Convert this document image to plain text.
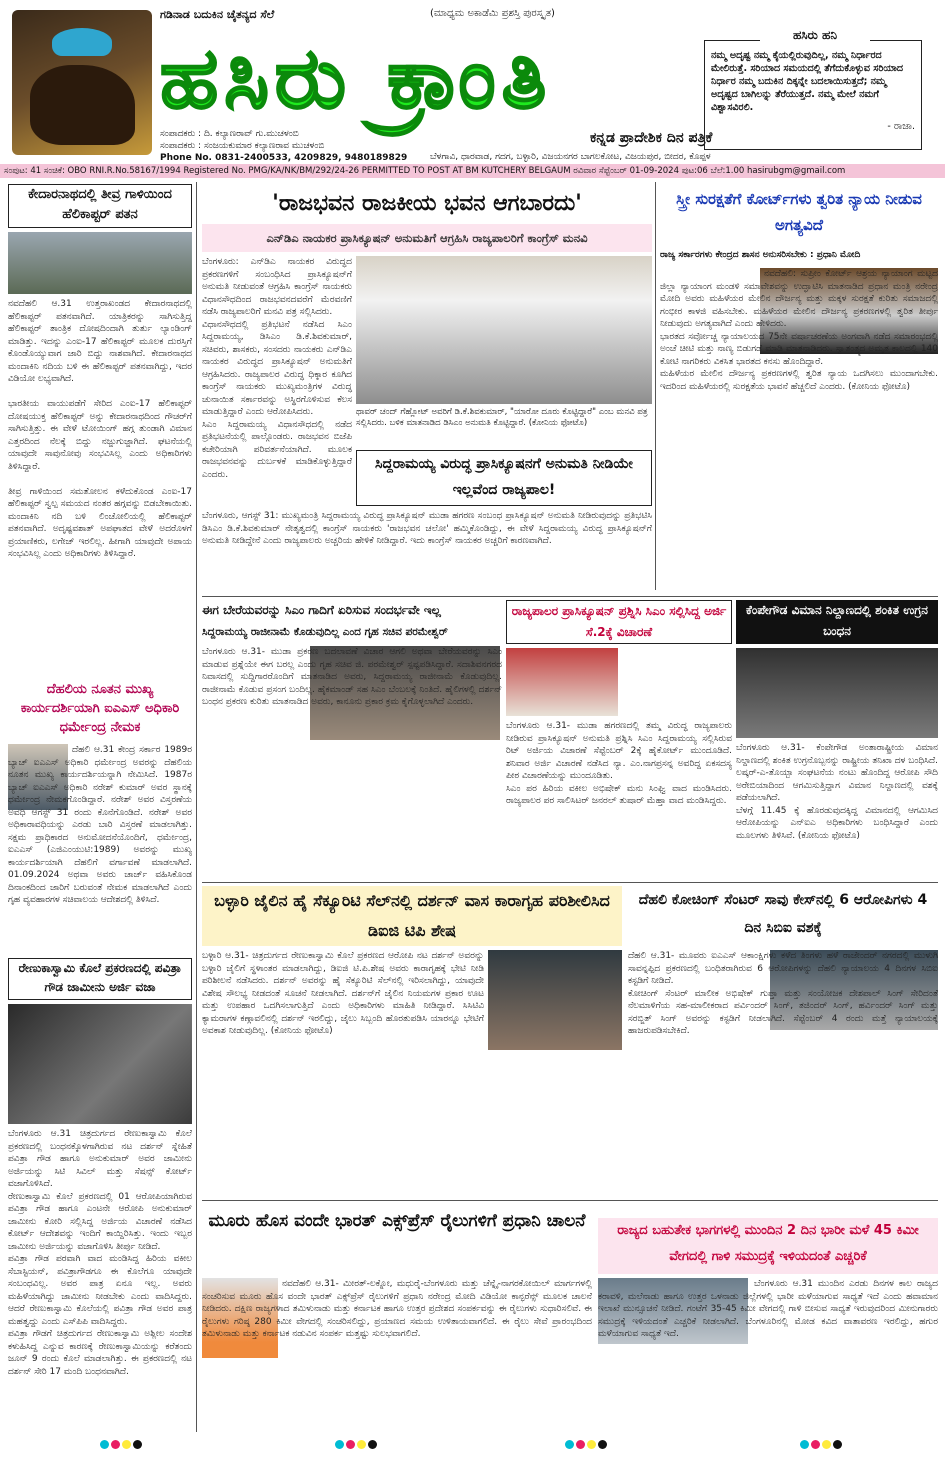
ಗಡಿನಾಡ ಬದುಕಿನ ಚೈತನ್ಯದ ಸೆಲೆ	(ಮಾಧ್ಯಮ ಅಕಾಡೆಮಿ ಪ್ರಶಸ್ತಿ ಪುರಸ್ಕೃತ)
ಹಸಿರು ಕ್ರಾಂತಿ
ಸಂಪಾದಕರು : ದಿ. ಕಲ್ಯಾಣರಾವ್ ಗು.ಮುಚಳಂಬಿ
ಸಂಪಾದಕರು : ಸಂಜಯಕುಮಾರ ಕಲ್ಯಾಣರಾವ ಮುಚಳಂಬಿ
Phone No. 0831-2400533, 4209829, 9480189829
ಕನ್ನಡ ಪ್ರಾದೇಶಿಕ ದಿನ ಪತ್ರಿಕೆ
ಬೆಳಗಾವಿ, ಧಾರವಾಡ, ಗದಗ, ಬಳ್ಳಾರಿ, ವಿಜಯನಗರ ಬಾಗಲಕೋಟ, ವಿಜಯಪುರ, ಬೀದರ, ಕೊಪ್ಪಳ
ನಮ್ಮ ಅದೃಷ್ಟ ನಮ್ಮ ಕೈಯಲ್ಲಿರುವುದಿಲ್ಲ, ನಮ್ಮ ನಿರ್ಧಾರದ ಮೇಲಿರುತ್ತೆ. ಸರಿಯಾದ ಸಮಯದಲ್ಲಿ ತೆಗೆದುಕೊಳ್ಳುವ ಸರಿಯಾದ ನಿರ್ಧಾರ ನಮ್ಮ ಬದುಕಿನ ದಿಕ್ಕನ್ನೇ ಬದಲಾಯಿಸುತ್ತದೆ; ನಮ್ಮ ಅದೃಷ್ಟದ ಬಾಗಿಲನ್ನು ತೆರೆಯುತ್ತದೆ. ನಮ್ಮ ಮೇಲೆ ನಮಗೆ ವಿಶ್ವಾಸವಿರಲಿ.
- ರಾಜಾ.
ಹಸಿರು ಹನಿ
ಸಂಪುಟ: 41 ಸಂಚಿಕೆ: OBO RNI.R.No.58167/1994 Registered No. PMG/KA/NK/BM/292/24-26 PERMITTED TO POST AT BM KUTCHERY BELGAUM ರವಿವಾರ ಸೆಪ್ಟೆಂಬರ್ 01-09-2024 ಪುಟ:06 ಬೆಲೆ:1.00 hasirubgm@gmail.com
ಕೇದಾರನಾಥದಲ್ಲಿ ತೀವ್ರ ಗಾಳಿಯಿಂದ ಹೆಲಿಕಾಪ್ಟರ್ ಪತನ
ನವದೆಹಲಿ ಆ.31 ಉತ್ತರಾಖಂಡದ ಕೇದಾರನಾಥದಲ್ಲಿ ಹೆಲಿಕಾಪ್ಟರ್ ಪತನವಾಗಿದೆ. ಯಾತ್ರಿಕರನ್ನು ಸಾಗಿಸುತ್ತಿದ್ದ ಹೆಲಿಕಾಪ್ಟರ್ ತಾಂತ್ರಿಕ ದೋಷದಿಂದಾಗಿ ತುರ್ತು ಲ್ಯಾಂಡಿಂಗ್ ಮಾಡಿತ್ತು. ಇದನ್ನು ಎಂಐ-17 ಹೆಲಿಕಾಪ್ಟರ್ ಮೂಲಕ ದುರಸ್ತಿಗೆ ಕೊಂಡೊಯ್ಯುವಾಗ ಜಾರಿ ಬಿದ್ದು ನಾಶವಾಗಿದೆ. ಕೇದಾರನಾಥದ ಮಂದಾಕಿನಿ ನದಿಯ ಬಳಿ ಈ ಹೆಲಿಕಾಪ್ಟರ್ ಪತನವಾಗಿದ್ದು, ಇದರ ವಿಡಿಯೋ ಲಭ್ಯವಾಗಿದೆ.

ಭಾರತೀಯ ವಾಯುಪಡೆಗೆ ಸೇರಿದ ಎಂಐ-17 ಹೆಲಿಕಾಪ್ಟರ್ ದೋಷಯುಕ್ತ ಹೆಲಿಕಾಪ್ಟರ್ ಅನ್ನು ಕೇದಾರನಾಥದಿಂದ ಗೌಚರ್‌ಗೆ ಸಾಗಿಸುತ್ತಿತ್ತು. ಈ ವೇಳೆ ಟೋಯಿಂಗ್ ಹಗ್ಗ ತುಂಡಾಗಿ ವಿಮಾನ ಎತ್ತರದಿಂದ ನೆಲಕ್ಕೆ ಬಿದ್ದು ನಜ್ಜುಗುಜ್ಜಾಗಿದೆ. ಘಟನೆಯಲ್ಲಿ ಯಾವುದೇ ಸಾವುನೋವು ಸಂಭವಿಸಿಲ್ಲ ಎಂದು ಅಧಿಕಾರಿಗಳು ತಿಳಿಸಿದ್ದಾರೆ.

ತೀವ್ರ ಗಾಳಿಯಿಂದ ಸಮತೋಲನ ಕಳೆದುಕೊಂಡ ಎಂಐ-17 ಹೆಲಿಕಾಪ್ಟರ್ ಸ್ವಲ್ಪ ಸಮಯದ ನಂತರ ಹಗ್ಗವನ್ನು ಬಿಡಬೇಕಾಯಿತು. ಮಂದಾಕಿನಿ ನದಿ ಬಳಿ ಲಿಂಚೋಲಿಯಲ್ಲಿ ಹೆಲಿಕಾಪ್ಟರ್ ಪತನವಾಗಿದೆ. ಅದೃಷ್ಟವಶಾತ್ ಅಪಘಾತದ ವೇಳೆ ಅದರೊಳಗೆ ಪ್ರಯಾಣಿಕರು, ಲಗೇಜ್ ಇರಲಿಲ್ಲ. ಹೀಗಾಗಿ ಯಾವುದೇ ಅಪಾಯ ಸಂಭವಿಸಿಲ್ಲ ಎಂದು ಅಧಿಕಾರಿಗಳು ತಿಳಿಸಿದ್ದಾರೆ.
ದೆಹಲಿಯ ನೂತನ ಮುಖ್ಯ ಕಾರ್ಯದರ್ಶಿಯಾಗಿ ಐಎಎಸ್ ಅಧಿಕಾರಿ ಧರ್ಮೇಂದ್ರ ನೇಮಕ
ದೆಹಲಿ ಆ.31 ಕೇಂದ್ರ ಸರ್ಕಾರ 1989ರ ಬ್ಯಾಚ್ ಐಎಎಸ್ ಅಧಿಕಾರಿ ಧರ್ಮೇಂದ್ರ ಅವರನ್ನು ದೆಹಲಿಯ ನೂತನ ಮುಖ್ಯ ಕಾರ್ಯದರ್ಶಿಯನ್ನಾಗಿ ನೇಮಿಸಿದೆ. 1987ರ ಬ್ಯಾಚ್ ಐಎಎಸ್ ಅಧಿಕಾರಿ ನರೇಶ್ ಕುಮಾರ್ ಅವರ ಸ್ಥಾನಕ್ಕೆ ಧರ್ಮೇಂದ್ರ ನೇಮಕಗೊಂಡಿದ್ದಾರೆ. ನರೇಶ್ ಅವರ ವಿಸ್ತರಣೆಯ ಅವಧಿ ಆಗಸ್ಟ್ 31 ರಂದು ಕೊನೆಗೊಂಡಿದೆ. ನರೇಶ್ ಅವರ ಅಧಿಕಾರಾವಧಿಯನ್ನು ಎರಡು ಬಾರಿ ವಿಸ್ತರಣೆ ಮಾಡಲಾಗಿತ್ತು. ಸಕ್ಷಮ ಪ್ರಾಧಿಕಾರದ ಅನುಮೋದನೆಯೊಂದಿಗೆ, ಧರ್ಮೇಂದ್ರ, ಐಎಎಸ್ (ಎಜಿಎಂಯುಟಿ:1989) ಅವರನ್ನು ಮುಖ್ಯ ಕಾರ್ಯದರ್ಶಿಯಾಗಿ ದೆಹಲಿಗೆ ವರ್ಗಾವಣೆ ಮಾಡಲಾಗಿದೆ. 01.09.2024 ಅಥವಾ ಅವರು ಚಾರ್ಜ್ ವಹಿಸಿಕೊಂಡ ದಿನಾಂಕದಿಂದ ಜಾರಿಗೆ ಬರುವಂತೆ ನೇಮಕ ಮಾಡಲಾಗಿದೆ ಎಂದು ಗೃಹ ವ್ಯವಹಾರಗಳ ಸಚಿವಾಲಯ ಆದೇಶದಲ್ಲಿ ತಿಳಿಸಿದೆ.
ರೇಣುಕಾಸ್ವಾಮಿ ಕೊಲೆ ಪ್ರಕರಣದಲ್ಲಿ ಪವಿತ್ರಾ ಗೌಡ ಜಾಮೀನು ಅರ್ಜಿ ವಜಾ
ಬೆಂಗಳೂರು ಆ.31 ಚಿತ್ರದುರ್ಗದ ರೇಣುಕಾಸ್ವಾಮಿ ಕೊಲೆ ಪ್ರಕರಣದಲ್ಲಿ ಬಂಧನಕ್ಕೊಳಗಾಗಿರುವ ನಟ ದರ್ಶನ್ ಸ್ನೇಹಿತೆ ಪವಿತ್ರಾ ಗೌಡ ಹಾಗೂ ಅನುಕುಮಾರ್ ಅವರ ಜಾಮೀನು ಅರ್ಜಿಯನ್ನು ಸಿಟಿ ಸಿವಿಲ್ ಮತ್ತು ಸೆಷನ್ಸ್ ಕೋರ್ಟ್ ವಜಾಗೊಳಿಸಿದೆ.
ರೇಣುಕಾಸ್ವಾಮಿ ಕೊಲೆ ಪ್ರಕರಣದಲ್ಲಿ 01 ಆರೋಪಿಯಾಗಿರುವ ಪವಿತ್ರಾ ಗೌಡ ಹಾಗೂ ಎಂಟನೇ ಆರೋಪಿ ಅನುಕುಮಾರ್ ಜಾಮೀನು ಕೋರಿ ಸಲ್ಲಿಸಿದ್ದ ಅರ್ಜಿಯ ವಿಚಾರಣೆ ನಡೆಸಿದ ಕೋರ್ಟ್ ಆದೇಶವನ್ನು ಇಂದಿಗೆ ಕಾಯ್ದಿರಿಸಿತ್ತು. ಇಂದು ಇಬ್ಬರ ಜಾಮೀನು ಅರ್ಜಿಯನ್ನು ವಜಾಗೊಳಿಸಿ ತೀರ್ಪು ನೀಡಿದೆ.
ಪವಿತ್ರಾ ಗೌಡ ಪರವಾಗಿ ವಾದ ಮಂಡಿಸಿದ್ದ ಹಿರಿಯ ವಕೀಲ ಸೆಬಾಸ್ಟಿಯನ್, ಪವಿತ್ರಾಗೌಡಗೂ ಈ ಕೊಲೆಗೂ ಯಾವುದೇ ಸಂಬಂಧವಿಲ್ಲ. ಅವರ ಪಾತ್ರ ಏನೂ ಇಲ್ಲ. ಅವರು ಮಹಿಳೆಯಾಗಿದ್ದು ಜಾಮೀನು ನೀಡಬೇಕು ಎಂದು ವಾದಿಸಿದ್ದರು. ಆದರೆ ರೇಣುಕಾಸ್ವಾಮಿ ಕೊಲೆಯಲ್ಲಿ ಪವಿತ್ರಾ ಗೌಡ ಅವರ ಪಾತ್ರ ಮಹತ್ವದ್ದು ಎಂದು ಎಸ್‌ಪಿಪಿ ವಾದಿಸಿದ್ದರು.
ಪವಿತ್ರಾ ಗೌಡಗೆ ಚಿತ್ರದುರ್ಗದ ರೇಣುಕಾಸ್ವಾಮಿ ಅಶ್ಲೀಲ ಸಂದೇಶ ಕಳುಹಿಸಿದ್ದ ಎನ್ನುವ ಕಾರಣಕ್ಕೆ ರೇಣುಕಾಸ್ವಾಮಿಯನ್ನು ಕರೆತಂದು ಜೂನ್ 9 ರಂದು ಕೊಲೆ ಮಾಡಲಾಗಿತ್ತು. ಈ ಪ್ರಕರಣದಲ್ಲಿ ನಟ ದರ್ಶನ್ ಸೇರಿ 17 ಮಂದಿ ಬಂಧನವಾಗಿದೆ.
'ರಾಜಭವನ ರಾಜಕೀಯ ಭವನ ಆಗಬಾರದು'
ಎನ್‌ಡಿಎ ನಾಯಕರ ಪ್ರಾಸಿಕ್ಯೂಷನ್ ಅನುಮತಿಗೆ ಆಗ್ರಹಿಸಿ ರಾಜ್ಯಪಾಲರಿಗೆ ಕಾಂಗ್ರೆಸ್ ಮನವಿ
ಬೆಂಗಳೂರು: ಎನ್‌ಡಿಎ ನಾಯಕರ ವಿರುದ್ಧದ ಪ್ರಕರಣಗಳಿಗೆ ಸಂಬಂಧಿಸಿದ ಪ್ರಾಸಿಕ್ಯೂಷನ್‌ಗೆ ಅನುಮತಿ ನೀಡುವಂತೆ ಆಗ್ರಹಿಸಿ ಕಾಂಗ್ರೆಸ್ ನಾಯಕರು ವಿಧಾನಸೌಧದಿಂದ ರಾಜಭವನದವರೆಗೆ ಮೆರವಣಿಗೆ ನಡೆಸಿ ರಾಜ್ಯಪಾಲರಿಗೆ ಮನವಿ ಪತ್ರ ಸಲ್ಲಿಸಿದರು.
ವಿಧಾನಸೌಧದಲ್ಲಿ ಪ್ರತಿಭಟನೆ ನಡೆಸಿದ ಸಿಎಂ ಸಿದ್ದರಾಮಯ್ಯ, ಡಿಸಿಎಂ ಡಿ.ಕೆ.ಶಿವಕುಮಾರ್, ಸಚಿವರು, ಶಾಸಕರು, ಸಂಸದರು ನಾಯಕರು ಎನ್‌ಡಿಎ ನಾಯಕರ ವಿರುದ್ಧದ ಪ್ರಾಸಿಕ್ಯೂಷನ್ ಅನುಮತಿಗೆ ಆಗ್ರಹಿಸಿದರು. ರಾಜ್ಯಪಾಲರ ವಿರುದ್ಧ ಧಿಕ್ಕಾರ ಕೂಗಿದ ಕಾಂಗ್ರೆಸ್ ನಾಯಕರು ಮುಖ್ಯಮಂತ್ರಿಗಳ ವಿರುದ್ಧ ಚುನಾಯಿತ ಸರ್ಕಾರವನ್ನು ಅಸ್ಥಿರಗೊಳಿಸುವ ಕೆಲಸ ಮಾಡುತ್ತಿದ್ದಾರೆ ಎಂದು ಆರೋಪಿಸಿದರು.
ಸಿಎಂ ಸಿದ್ದರಾಮಯ್ಯ ವಿಧಾನಸೌಧದಲ್ಲಿ ನಡೆದ ಪ್ರತಿಭಟನೆಯಲ್ಲಿ ಪಾಲ್ಗೊಂಡರು. ರಾಜಭವನ ಬಿಜೆಪಿ ಕಚೇರಿಯಾಗಿ ಪರಿವರ್ತನೆಯಾಗಿದೆ. ಮೂಲಕ ರಾಜಭವನವನ್ನು ದುರ್ಬಳಕೆ ಮಾಡಿಕೊಳ್ಳುತ್ತಿದ್ದಾರೆ ಎಂದರು.
ಥಾವರ್ ಚಂದ್ ಗೆಹ್ಲೋಟ್ ಅವರಿಗೆ ಡಿ.ಕೆ.ಶಿವಕುಮಾರ್, "ಯಾರೋ ದೂರು ಕೊಟ್ಟಿದ್ದಾರೆ" ಎಂಬ ಮನವಿ ಪತ್ರ ಸಲ್ಲಿಸಿದರು. ಬಳಿಕ ಮಾತನಾಡಿದ ಡಿಸಿಎಂ ಅನುಮತಿ ಕೊಟ್ಟಿದ್ದಾರೆ. (ಕೋನಿಯ ಫೋಟೊ)
ಸಿದ್ದರಾಮಯ್ಯ ವಿರುದ್ಧ ಪ್ರಾಸಿಕ್ಯೂಷನ‌ಗೆ ಅನುಮತಿ ನೀಡಿಯೇ ಇಲ್ಲವೆಂದ ರಾಜ್ಯಪಾಲ!
ಬೆಂಗಳೂರು, ಆಗಸ್ಟ್ 31: ಮುಖ್ಯಮಂತ್ರಿ ಸಿದ್ದರಾಮಯ್ಯ ವಿರುದ್ಧ ಪ್ರಾಸಿಕ್ಯೂಷನ್ ಮುಡಾ ಹಗರಣ ಸಂಬಂಧ ಪ್ರಾಸಿಕ್ಯೂಷನ್ ಅನುಮತಿ ನೀಡಿರುವುದನ್ನು ಪ್ರತಿಭಟಿಸಿ ಡಿಸಿಎಂ ಡಿ.ಕೆ.ಶಿವಕುಮಾರ್ ನೇತೃತ್ವದಲ್ಲಿ ಕಾಂಗ್ರೆಸ್ ನಾಯಕರು 'ರಾಜಭವನ ಚಲೋ' ಹಮ್ಮಿಕೊಂಡಿದ್ದು, ಈ ವೇಳೆ ಸಿದ್ದರಾಮಯ್ಯ ವಿರುದ್ಧ ಪ್ರಾಸಿಕ್ಯೂಷನ್‌ಗೆ ಅನುಮತಿ ನೀಡಿದ್ದೇನೆ ಎಂದು ರಾಜ್ಯಪಾಲರು ಅಚ್ಚರಿಯ ಹೇಳಿಕೆ ನೀಡಿದ್ದಾರೆ. ಇದು ಕಾಂಗ್ರೆಸ್ ನಾಯಕರ ಅಚ್ಚರಿಗೆ ಕಾರಣವಾಗಿದೆ.
ಸ್ತ್ರೀ ಸುರಕ್ಷತೆಗೆ ಕೋರ್ಟ್‌ಗಳು ತ್ವರಿತ ನ್ಯಾಯ ನೀಡುವ ಅಗತ್ಯವಿದೆ
ರಾಜ್ಯ ಸರ್ಕಾರಗಳು ಕೇಂದ್ರದ ಶಾಸನ ಅನುಸರಿಸಬೇಕು : ಪ್ರಧಾನಿ ಮೋದಿ
ನವದೆಹಲಿ: ಸುಪ್ರೀಂ ಕೋರ್ಟ್ ಆಶ್ರಯ ನ್ಯಾಯಾಂಗ ಮಟ್ಟದ ಜಿಲ್ಲಾ ನ್ಯಾಯಾಂಗ ಮಂಡಳಿ ಸಮಾವೇಶವನ್ನು ಉದ್ಘಾಟಿಸಿ ಮಾತನಾಡಿದ ಪ್ರಧಾನ ಮಂತ್ರಿ ನರೇಂದ್ರ ಮೋದಿ ಅವರು ಮಹಿಳೆಯರ ಮೇಲಿನ ದೌರ್ಜನ್ಯ ಮತ್ತು ಮಕ್ಕಳ ಸುರಕ್ಷತೆ ಕುರಿತು ಸಮಾಜದಲ್ಲಿ ಗಂಭೀರ ಕಾಳಜಿ ವಹಿಸಬೇಕು. ಮಹಿಳೆಯರ ಮೇಲಿನ ದೌರ್ಜನ್ಯ ಪ್ರಕರಣಗಳಲ್ಲಿ ತ್ವರಿತ ತೀರ್ಪು ನೀಡುವುದು ಅಗತ್ಯವಾಗಿದೆ ಎಂದು ಹೇಳಿದರು.
ಭಾರತದ ಸರ್ವೋಚ್ಚ ನ್ಯಾಯಾಲಯದ 75ನೇ ವರ್ಷಾಚರಣೆಯ ಅಂಗವಾಗಿ ನಡೆದ ಸಮಾರಂಭದಲ್ಲಿ ಅಂಚೆ ಚೀಟಿ ಮತ್ತು ನಾಣ್ಯ ಬಿಡುಗಡೆ ಮಾಡಿ ಮಾತನಾಡಿದರು. ಸ್ವಾತಂತ್ರ್ಯದ ಅಮೃತ ಕಾಲದಲ್ಲಿ 140 ಕೋಟಿ ನಾಗರಿಕರು ವಿಕಸಿತ ಭಾರತದ ಕನಸು ಹೊಂದಿದ್ದಾರೆ.
ಮಹಿಳೆಯರ ಮೇಲಿನ ದೌರ್ಜನ್ಯ ಪ್ರಕರಣಗಳಲ್ಲಿ ತ್ವರಿತ ನ್ಯಾಯ ಒದಗಿಸಲು ಮುಂದಾಗಬೇಕು. ಇದರಿಂದ ಮಹಿಳೆಯರಲ್ಲಿ ಸುರಕ್ಷತೆಯ ಭಾವನೆ ಹೆಚ್ಚಲಿದೆ ಎಂದರು. (ಕೋನಿಯ ಫೋಟೊ)
ಈಗ ಬೇರೆಯವರನ್ನು ಸಿಎಂ ಗಾದಿಗೆ ಏರಿಸುವ ಸಂದರ್ಭವೇ ಇಲ್ಲ
ಸಿದ್ದರಾಮಯ್ಯ ರಾಜೀನಾಮೆ ಕೊಡುವುದಿಲ್ಲ ಎಂದ ಗೃಹ ಸಚಿವ ಪರಮೇಶ್ವರ್
ಬೆಂಗಳೂರು ಆ.31- ಮುಡಾ ಪ್ರಕರಣ ಬದಲಾವಣೆ ವಿಚಾರ ಆಗಲಿ ಅಥವಾ ಬೇರೆಯವರನ್ನು ಸಿಎಂ ಮಾಡುವ ಪ್ರಶ್ನೆಯೇ ಈಗ ಬರಲ್ಲ ಎಂದು ಗೃಹ ಸಚಿವ ಜಿ. ಪರಮೇಶ್ವರ್ ಸ್ಪಷ್ಟಪಡಿಸಿದ್ದಾರೆ. ಸದಾಶಿವನಗರದ ನಿವಾಸದಲ್ಲಿ ಸುದ್ದಿಗಾರರೊಂದಿಗೆ ಮಾತನಾಡಿದ ಅವರು, ಸಿದ್ದರಾಮಯ್ಯ ರಾಜೀನಾಮೆ ಕೊಡುವುದಿಲ್ಲ. ರಾಜೀನಾಮೆ ಕೊಡುವ ಪ್ರಸಂಗ ಬಂದಿಲ್ಲ. ಹೈಕಮಾಂಡ್ ಸಹ ಸಿಎಂ ಬೆಂಬಲಕ್ಕೆ ನಿಂತಿದೆ. ಹೈಲಿಗಳಲ್ಲಿ ದರ್ಶನ್ ಬಂಧನ ಪ್ರಕರಣ ಕುರಿತು ಮಾತನಾಡಿದ ಅವರು, ಕಾನೂನು ಪ್ರಕಾರ ಕ್ರಮ ಕೈಗೊಳ್ಳಲಾಗಿದೆ ಎಂದರು.
ರಾಜ್ಯಪಾಲರ ಪ್ರಾಸಿಕ್ಯೂಷನ್ ಪ್ರಶ್ನಿಸಿ ಸಿಎಂ ಸಲ್ಲಿಸಿದ್ದ ಅರ್ಜಿ ಸೆ.2ಕ್ಕೆ ವಿಚಾರಣೆ
ಬೆಂಗಳೂರು ಆ.31- ಮುಡಾ ಹಗರಣದಲ್ಲಿ ತಮ್ಮ ವಿರುದ್ಧ ರಾಜ್ಯಪಾಲರು ನೀಡಿರುವ ಪ್ರಾಸಿಕ್ಯೂಷನ್ ಅನುಮತಿ ಪ್ರಶ್ನಿಸಿ ಸಿಎಂ ಸಿದ್ದರಾಮಯ್ಯ ಸಲ್ಲಿಸಿರುವ ರಿಟ್ ಅರ್ಜಿಯ ವಿಚಾರಣೆ ಸೆಪ್ಟೆಂಬರ್ 2ಕ್ಕೆ ಹೈಕೋರ್ಟ್ ಮುಂದೂಡಿದೆ. ಶನಿವಾರ ಅರ್ಜಿ ವಿಚಾರಣೆ ನಡೆಸಿದ ನ್ಯಾ. ಎಂ.ನಾಗಪ್ರಸನ್ನ ಅವರಿದ್ದ ಏಕಸದಸ್ಯ ಪೀಠ ವಿಚಾರಣೆಯನ್ನು ಮುಂದೂಡಿತು.
ಸಿಎಂ ಪರ ಹಿರಿಯ ವಕೀಲ ಅಭಿಷೇಕ್ ಮನು ಸಿಂಘ್ವಿ ವಾದ ಮಂಡಿಸಿದರು. ರಾಜ್ಯಪಾಲರ ಪರ ಸಾಲಿಸಿಟರ್ ಜನರಲ್ ತುಷಾರ್ ಮೆಹ್ತಾ ವಾದ ಮಂಡಿಸಿದ್ದರು.
ಕೆಂಪೇಗೌಡ ವಿಮಾನ ನಿಲ್ದಾಣದಲ್ಲಿ ಶಂಕಿತ ಉಗ್ರನ ಬಂಧನ
ಬೆಂಗಳೂರು ಆ.31- ಕೆಂಪೇಗೌಡ ಅಂತಾರಾಷ್ಟ್ರೀಯ ವಿಮಾನ ನಿಲ್ದಾಣದಲ್ಲಿ ಶಂಕಿತ ಉಗ್ರನೊಬ್ಬನನ್ನು ರಾಷ್ಟ್ರೀಯ ತನಿಖಾ ದಳ ಬಂಧಿಸಿದೆ. ಲಷ್ಕರ್-ಎ-ತೊಯ್ಬಾ ಸಂಘಟನೆಯ ನಂಟು ಹೊಂದಿದ್ದ ಆರೋಪಿ ಸೌದಿ ಅರೇಬಿಯಾದಿಂದ ಆಗಮಿಸುತ್ತಿದ್ದಾಗ ವಿಮಾನ ನಿಲ್ದಾಣದಲ್ಲಿ ವಶಕ್ಕೆ ಪಡೆಯಲಾಗಿದೆ.
ಬೆಳಗ್ಗೆ 11.45 ಕ್ಕೆ ಹೊರಡುವುದಕ್ಕಿದ್ದ ವಿಮಾನದಲ್ಲಿ ಆಗಮಿಸಿದ ಆರೋಪಿಯನ್ನು ಎನ್‌ಐಎ ಅಧಿಕಾರಿಗಳು ಬಂಧಿಸಿದ್ದಾರೆ ಎಂದು ಮೂಲಗಳು ತಿಳಿಸಿವೆ. (ಕೋನಿಯ ಫೋಟೊ)
ಬಳ್ಳಾರಿ ಜೈಲಿನ ಹೈ ಸೆಕ್ಯೂರಿಟಿ ಸೆಲ್‌ನಲ್ಲಿ ದರ್ಶನ್ ವಾಸ ಕಾರಾಗೃಹ ಪರಿಶೀಲಿಸಿದ ಡಿಐಜಿ ಟಿಪಿ ಶೇಷ
ಬಳ್ಳಾರಿ ಆ.31- ಚಿತ್ರದುರ್ಗದ ರೇಣುಕಾಸ್ವಾಮಿ ಕೊಲೆ ಪ್ರಕರಣದ ಆರೋಪಿ ನಟ ದರ್ಶನ್ ಅವರನ್ನು ಬಳ್ಳಾರಿ ಜೈಲಿಗೆ ಸ್ಥಳಾಂತರ ಮಾಡಲಾಗಿದ್ದು, ಡಿಐಜಿ ಟಿ.ಪಿ.ಶೇಷ ಅವರು ಕಾರಾಗೃಹಕ್ಕೆ ಭೇಟಿ ನೀಡಿ ಪರಿಶೀಲನೆ ನಡೆಸಿದರು. ದರ್ಶನ್ ಅವರನ್ನು ಹೈ ಸೆಕ್ಯೂರಿಟಿ ಸೆಲ್‌ನಲ್ಲಿ ಇರಿಸಲಾಗಿದ್ದು, ಯಾವುದೇ ವಿಶೇಷ ಸೌಲಭ್ಯ ನೀಡದಂತೆ ಸೂಚನೆ ನೀಡಲಾಗಿದೆ. ದರ್ಶನ್‌ಗೆ ಜೈಲಿನ ನಿಯಮಗಳ ಪ್ರಕಾರ ಊಟ ಮತ್ತು ಉಪಹಾರ ಒದಗಿಸಲಾಗುತ್ತಿದೆ ಎಂದು ಅಧಿಕಾರಿಗಳು ಮಾಹಿತಿ ನೀಡಿದ್ದಾರೆ. ಸಿಸಿಟಿವಿ ಕ್ಯಾಮರಾಗಳ ಕಣ್ಗಾವಲಿನಲ್ಲಿ ದರ್ಶನ್ ಇರಲಿದ್ದು, ಜೈಲು ಸಿಬ್ಬಂದಿ ಹೊರತುಪಡಿಸಿ ಯಾರನ್ನೂ ಭೇಟಿಗೆ ಅವಕಾಶ ನೀಡುವುದಿಲ್ಲ. (ಕೋನಿಯ ಫೋಟೊ)
ದೆಹಲಿ ಕೋಚಿಂಗ್ ಸೆಂಟರ್ ಸಾವು ಕೇಸ್‌ನಲ್ಲಿ 6 ಆರೋಪಿಗಳು 4 ದಿನ ಸಿಬಿಐ ವಶಕ್ಕೆ
ದೆಹಲಿ ಆ.31- ಮೂವರು ಐಎಎಸ್ ಆಕಾಂಕ್ಷಿಗಳು ಕಳೆದ ತಿಂಗಳು ಹಳೆ ರಾಜೇಂದರ್ ನಗರದಲ್ಲಿ ಮುಳುಗಿ ಸಾವನ್ನಪ್ಪಿದ ಪ್ರಕರಣದಲ್ಲಿ ಬಂಧಿತರಾಗಿರುವ 6 ಆರೋಪಿಗಳನ್ನು ದೆಹಲಿ ನ್ಯಾಯಾಲಯ 4 ದಿನಗಳ ಸಿಬಿಐ ಕಸ್ಟಡಿಗೆ ನೀಡಿದೆ.
ಕೋಚಿಂಗ್ ಸೆಂಟರ್ ಮಾಲೀಕ ಅಭಿಷೇಕ್ ಗುಪ್ತಾ ಮತ್ತು ಸಂಯೋಜಕ ದೇಶಪಾಲ್ ಸಿಂಗ್ ಸೇರಿದಂತೆ ನೆಲಮಾಳಿಗೆಯ ಸಹ-ಮಾಲೀಕರಾದ ಪರ್ವಿಂದರ್ ಸಿಂಗ್, ತಜಿಂದರ್ ಸಿಂಗ್, ಹರ್ವಿಂದರ್ ಸಿಂಗ್ ಮತ್ತು ಸರಬ್ಜಿತ್ ಸಿಂಗ್ ಅವರನ್ನು ಕಸ್ಟಡಿಗೆ ನೀಡಲಾಗಿದೆ. ಸೆಪ್ಟೆಂಬರ್ 4 ರಂದು ಮತ್ತೆ ನ್ಯಾಯಾಲಯಕ್ಕೆ ಹಾಜರುಪಡಿಸಬೇಕಿದೆ.
ಮೂರು ಹೊಸ ವಂದೇ ಭಾರತ್ ಎಕ್ಸ್‌ಪ್ರೆಸ್ ರೈಲುಗಳಿಗೆ ಪ್ರಧಾನಿ ಚಾಲನೆ
ನವದೆಹಲಿ ಆ.31- ಮೀರತ್-ಲಕ್ನೋ, ಮಧುರೈ-ಬೆಂಗಳೂರು ಮತ್ತು ಚೆನ್ನೈ-ನಾಗರಕೋಯಿಲ್ ಮಾರ್ಗಗಳಲ್ಲಿ ಸಂಚರಿಸುವ ಮೂರು ಹೊಸ ವಂದೇ ಭಾರತ್ ಎಕ್ಸ್‌ಪ್ರೆಸ್ ರೈಲುಗಳಿಗೆ ಪ್ರಧಾನಿ ನರೇಂದ್ರ ಮೋದಿ ವಿಡಿಯೋ ಕಾನ್ಫರೆನ್ಸ್ ಮೂಲಕ ಚಾಲನೆ ನೀಡಿದರು. ದಕ್ಷಿಣ ರಾಜ್ಯಗಳಾದ ತಮಿಳುನಾಡು ಮತ್ತು ಕರ್ನಾಟಕ ಹಾಗೂ ಉತ್ತರ ಪ್ರದೇಶದ ಸಂಪರ್ಕವನ್ನು ಈ ರೈಲುಗಳು ಸುಧಾರಿಸಲಿವೆ. ಈ ರೈಲುಗಳು ಗರಿಷ್ಠ 280 ಕಿಮೀ ವೇಗದಲ್ಲಿ ಸಂಚರಿಸಲಿದ್ದು, ಪ್ರಯಾಣದ ಸಮಯ ಉಳಿತಾಯವಾಗಲಿದೆ. ಈ ರೈಲು ಸೇವೆ ಪ್ರಾರಂಭದಿಂದ ತಮಿಳುನಾಡು ಮತ್ತು ಕರ್ನಾಟಕ ನಡುವಿನ ಸಂಪರ್ಕ ಮತ್ತಷ್ಟು ಸುಲಭವಾಗಲಿದೆ.
ರಾಜ್ಯದ ಬಹುತೇಕ ಭಾಗಗಳಲ್ಲಿ ಮುಂದಿನ 2 ದಿನ ಭಾರೀ ಮಳೆ 45 ಕಿಮೀ ವೇಗದಲ್ಲಿ ಗಾಳಿ ಸಮುದ್ರಕ್ಕೆ ಇಳಿಯದಂತೆ ಎಚ್ಚರಿಕೆ
ಬೆಂಗಳೂರು ಆ.31 ಮುಂದಿನ ಎರಡು ದಿನಗಳ ಕಾಲ ರಾಜ್ಯದ ಕರಾವಳಿ, ಮಲೆನಾಡು ಹಾಗೂ ಉತ್ತರ ಒಳನಾಡು ಜಿಲ್ಲೆಗಳಲ್ಲಿ ಭಾರೀ ಮಳೆಯಾಗುವ ಸಾಧ್ಯತೆ ಇದೆ ಎಂದು ಹವಾಮಾನ ಇಲಾಖೆ ಮುನ್ಸೂಚನೆ ನೀಡಿದೆ. ಗಂಟೆಗೆ 35-45 ಕಿಮೀ ವೇಗದಲ್ಲಿ ಗಾಳಿ ಬೀಸುವ ಸಾಧ್ಯತೆ ಇರುವುದರಿಂದ ಮೀನುಗಾರರು ಸಮುದ್ರಕ್ಕೆ ಇಳಿಯದಂತೆ ಎಚ್ಚರಿಕೆ ನೀಡಲಾಗಿದೆ. ಬೆಂಗಳೂರಿನಲ್ಲಿ ಮೋಡ ಕವಿದ ವಾತಾವರಣ ಇರಲಿದ್ದು, ಹಗುರ ಮಳೆಯಾಗುವ ಸಾಧ್ಯತೆ ಇದೆ.
